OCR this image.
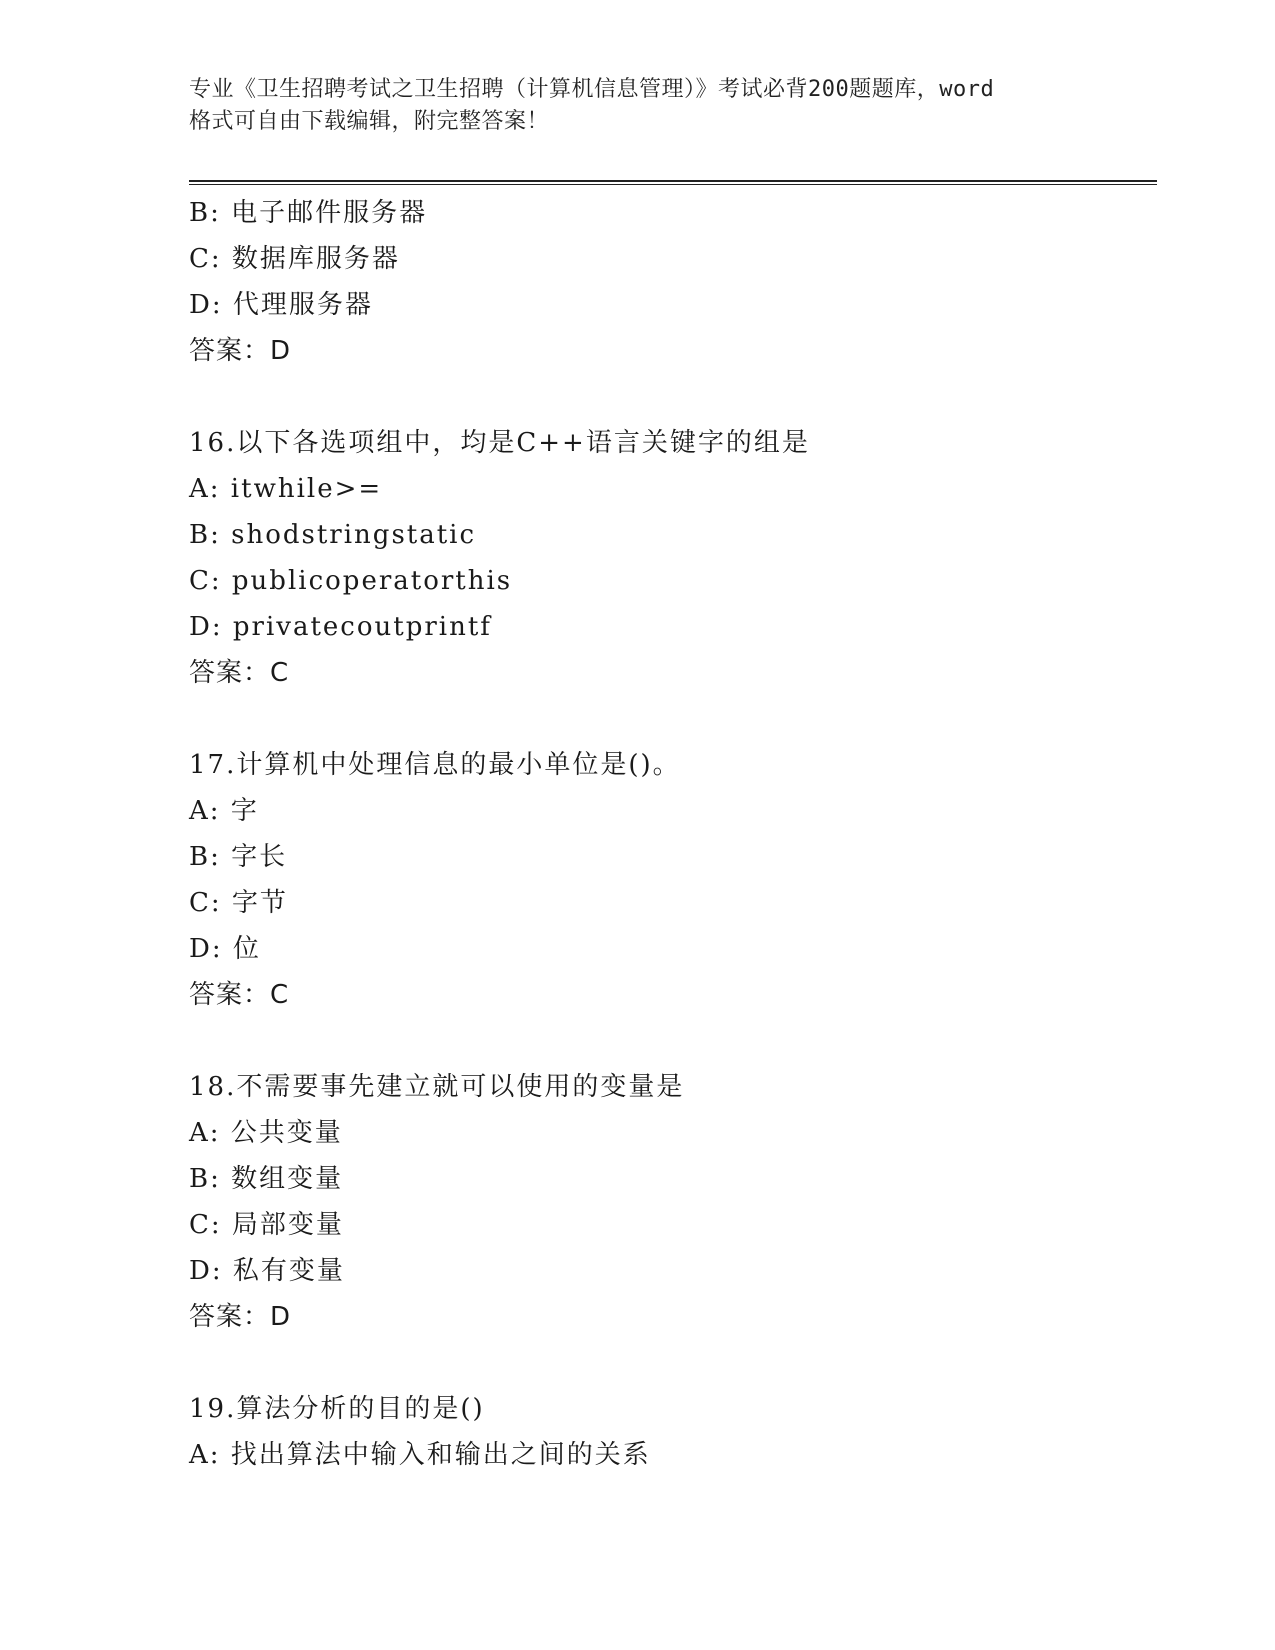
专业《卫生招聘考试之卫生招聘（计算机信息管理）》考试必背200题题库，word
格式可自由下载编辑，附完整答案！
B: 电子邮件服务器
C: 数据库服务器
D: 代理服务器
答案：D
16.以下各选项组中，均是C++语言关键字的组是
A: itwhile>=
B: shodstringstatic
C: publicoperatorthis
D: privatecoutprintf
答案：C
17.计算机中处理信息的最小单位是()。
A: 字
B: 字长
C: 字节
D: 位
答案：C
18.不需要事先建立就可以使用的变量是
A: 公共变量
B: 数组变量
C: 局部变量
D: 私有变量
答案：D
19.算法分析的目的是()
A: 找出算法中输入和输出之间的关系
